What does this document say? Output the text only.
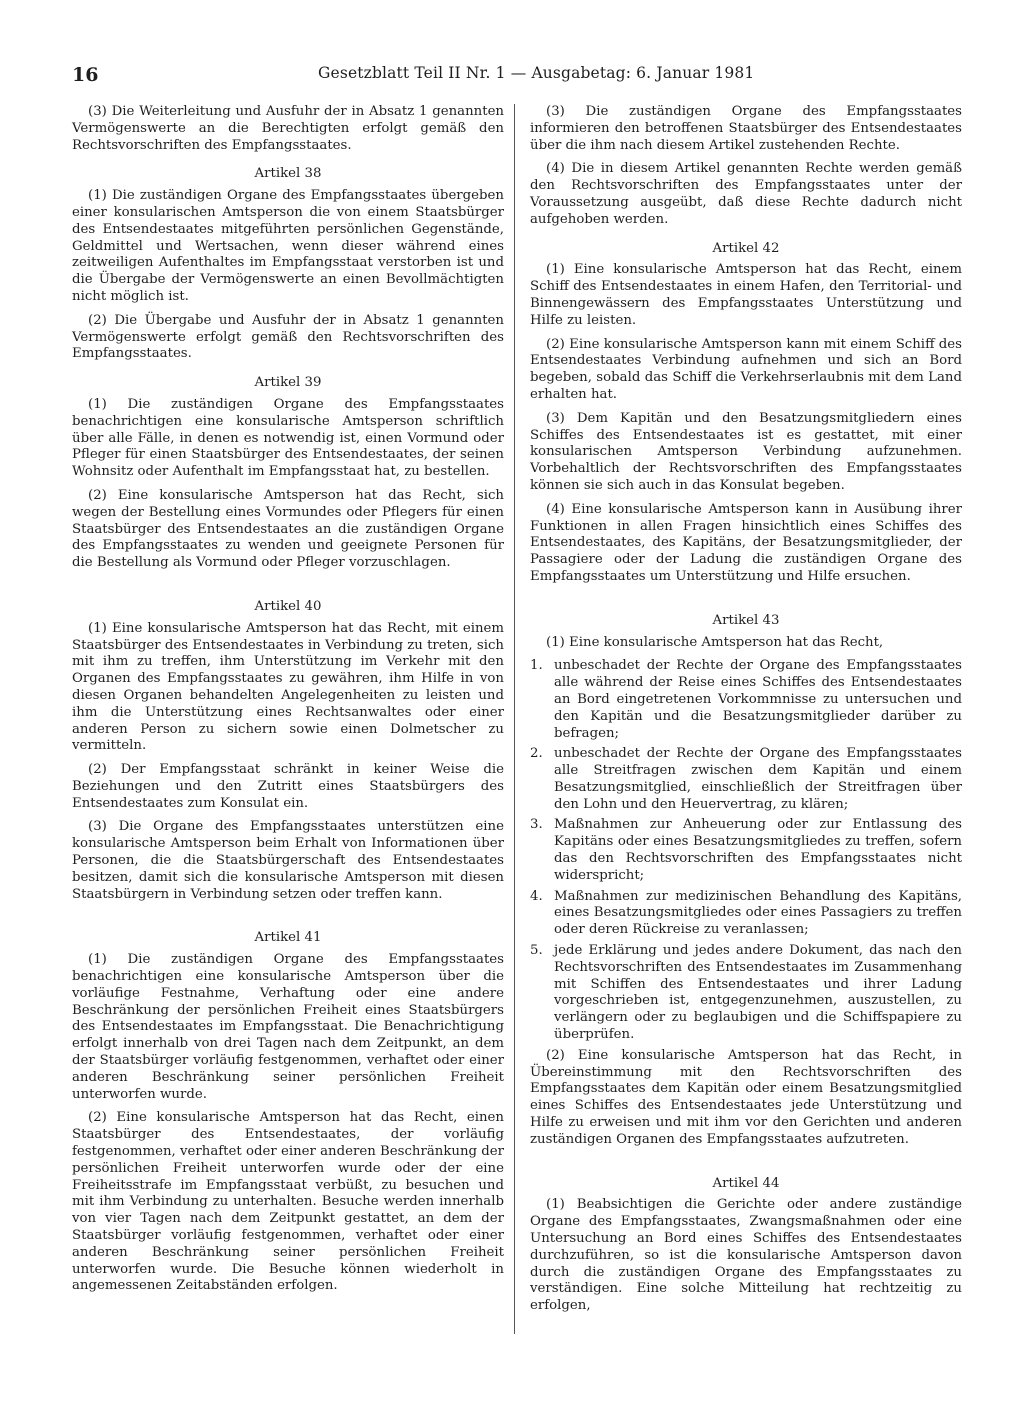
16	Gesetzblatt Teil II Nr. 1 — Ausgabetag: 6. Januar 1981

(3) Die Weiterleitung und Ausfuhr der in Absatz 1 genannten Vermögenswerte an die Berechtigten erfolgt gemäß den Rechtsvorschriften des Empfangsstaates.

Artikel 38

(1) Die zuständigen Organe des Empfangsstaates übergeben einer konsularischen Amtsperson die von einem Staatsbürger des Entsendestaates mitgeführten persönlichen Gegenstände, Geldmittel und Wertsachen, wenn dieser während eines zeitweiligen Aufenthaltes im Empfangsstaat verstorben ist und die Übergabe der Vermögenswerte an einen Bevollmächtigten nicht möglich ist.

(2) Die Übergabe und Ausfuhr der in Absatz 1 genannten Vermögenswerte erfolgt gemäß den Rechtsvorschriften des Empfangsstaates.

Artikel 39

(1) Die zuständigen Organe des Empfangsstaates benachrichtigen eine konsularische Amtsperson schriftlich über alle Fälle, in denen es notwendig ist, einen Vormund oder Pfleger für einen Staatsbürger des Entsendestaates, der seinen Wohnsitz oder Aufenthalt im Empfangsstaat hat, zu bestellen.

(2) Eine konsularische Amtsperson hat das Recht, sich wegen der Bestellung eines Vormundes oder Pflegers für einen Staatsbürger des Entsendestaates an die zuständigen Organe des Empfangsstaates zu wenden und geeignete Personen für die Bestellung als Vormund oder Pfleger vorzuschlagen.

Artikel 40

(1) Eine konsularische Amtsperson hat das Recht, mit einem Staatsbürger des Entsendestaates in Verbindung zu treten, sich mit ihm zu treffen, ihm Unterstützung im Verkehr mit den Organen des Empfangsstaates zu gewähren, ihm Hilfe in von diesen Organen behandelten Angelegenheiten zu leisten und ihm die Unterstützung eines Rechtsanwaltes oder einer anderen Person zu sichern sowie einen Dolmetscher zu vermitteln.

(2) Der Empfangsstaat schränkt in keiner Weise die Beziehungen und den Zutritt eines Staatsbürgers des Entsendestaates zum Konsulat ein.

(3) Die Organe des Empfangsstaates unterstützen eine konsularische Amtsperson beim Erhalt von Informationen über Personen, die die Staatsbürgerschaft des Entsendestaates besitzen, damit sich die konsularische Amtsperson mit diesen Staatsbürgern in Verbindung setzen oder treffen kann.

Artikel 41

(1) Die zuständigen Organe des Empfangsstaates benachrichtigen eine konsularische Amtsperson über die vorläufige Festnahme, Verhaftung oder eine andere Beschränkung der persönlichen Freiheit eines Staatsbürgers des Entsendestaates im Empfangsstaat. Die Benachrichtigung erfolgt innerhalb von drei Tagen nach dem Zeitpunkt, an dem der Staatsbürger vorläufig festgenommen, verhaftet oder einer anderen Beschränkung seiner persönlichen Freiheit unterworfen wurde.

(2) Eine konsularische Amtsperson hat das Recht, einen Staatsbürger des Entsendestaates, der vorläufig festgenommen, verhaftet oder einer anderen Beschränkung der persönlichen Freiheit unterworfen wurde oder der eine Freiheitsstrafe im Empfangsstaat verbüßt, zu besuchen und mit ihm Verbindung zu unterhalten. Besuche werden innerhalb von vier Tagen nach dem Zeitpunkt gestattet, an dem der Staatsbürger vorläufig festgenommen, verhaftet oder einer anderen Beschränkung seiner persönlichen Freiheit unterworfen wurde. Die Besuche können wiederholt in angemessenen Zeitabständen erfolgen.

(3) Die zuständigen Organe des Empfangsstaates informieren den betroffenen Staatsbürger des Entsendestaates über die ihm nach diesem Artikel zustehenden Rechte.

(4) Die in diesem Artikel genannten Rechte werden gemäß den Rechtsvorschriften des Empfangsstaates unter der Voraussetzung ausgeübt, daß diese Rechte dadurch nicht aufgehoben werden.

Artikel 42

(1) Eine konsularische Amtsperson hat das Recht, einem Schiff des Entsendestaates in einem Hafen, den Territorial- und Binnengewässern des Empfangsstaates Unterstützung und Hilfe zu leisten.

(2) Eine konsularische Amtsperson kann mit einem Schiff des Entsendestaates Verbindung aufnehmen und sich an Bord begeben, sobald das Schiff die Verkehrserlaubnis mit dem Land erhalten hat.

(3) Dem Kapitän und den Besatzungsmitgliedern eines Schiffes des Entsendestaates ist es gestattet, mit einer konsularischen Amtsperson Verbindung aufzunehmen. Vorbehaltlich der Rechtsvorschriften des Empfangsstaates können sie sich auch in das Konsulat begeben.

(4) Eine konsularische Amtsperson kann in Ausübung ihrer Funktionen in allen Fragen hinsichtlich eines Schiffes des Entsendestaates, des Kapitäns, der Besatzungsmitglieder, der Passagiere oder der Ladung die zuständigen Organe des Empfangsstaates um Unterstützung und Hilfe ersuchen.

Artikel 43

(1) Eine konsularische Amtsperson hat das Recht,

1. unbeschadet der Rechte der Organe des Empfangsstaates alle während der Reise eines Schiffes des Entsendestaates an Bord eingetretenen Vorkommnisse zu untersuchen und den Kapitän und die Besatzungsmitglieder darüber zu befragen;
2. unbeschadet der Rechte der Organe des Empfangsstaates alle Streitfragen zwischen dem Kapitän und einem Besatzungsmitglied, einschließlich der Streitfragen über den Lohn und den Heuervertrag, zu klären;
3. Maßnahmen zur Anheuerung oder zur Entlassung des Kapitäns oder eines Besatzungsmitgliedes zu treffen, sofern das den Rechtsvorschriften des Empfangsstaates nicht widerspricht;
4. Maßnahmen zur medizinischen Behandlung des Kapitäns, eines Besatzungsmitgliedes oder eines Passagiers zu treffen oder deren Rückreise zu veranlassen;
5. jede Erklärung und jedes andere Dokument, das nach den Rechtsvorschriften des Entsendestaates im Zusammenhang mit Schiffen des Entsendestaates und ihrer Ladung vorgeschrieben ist, entgegenzunehmen, auszustellen, zu verlängern oder zu beglaubigen und die Schiffspapiere zu überprüfen.

(2) Eine konsularische Amtsperson hat das Recht, in Übereinstimmung mit den Rechtsvorschriften des Empfangsstaates dem Kapitän oder einem Besatzungsmitglied eines Schiffes des Entsendestaates jede Unterstützung und Hilfe zu erweisen und mit ihm vor den Gerichten und anderen zuständigen Organen des Empfangsstaates aufzutreten.

Artikel 44

(1) Beabsichtigen die Gerichte oder andere zuständige Organe des Empfangsstaates, Zwangsmaßnahmen oder eine Untersuchung an Bord eines Schiffes des Entsendestaates durchzuführen, so ist die konsularische Amtsperson davon durch die zuständigen Organe des Empfangsstaates zu verständigen. Eine solche Mitteilung hat rechtzeitig zu erfolgen,
